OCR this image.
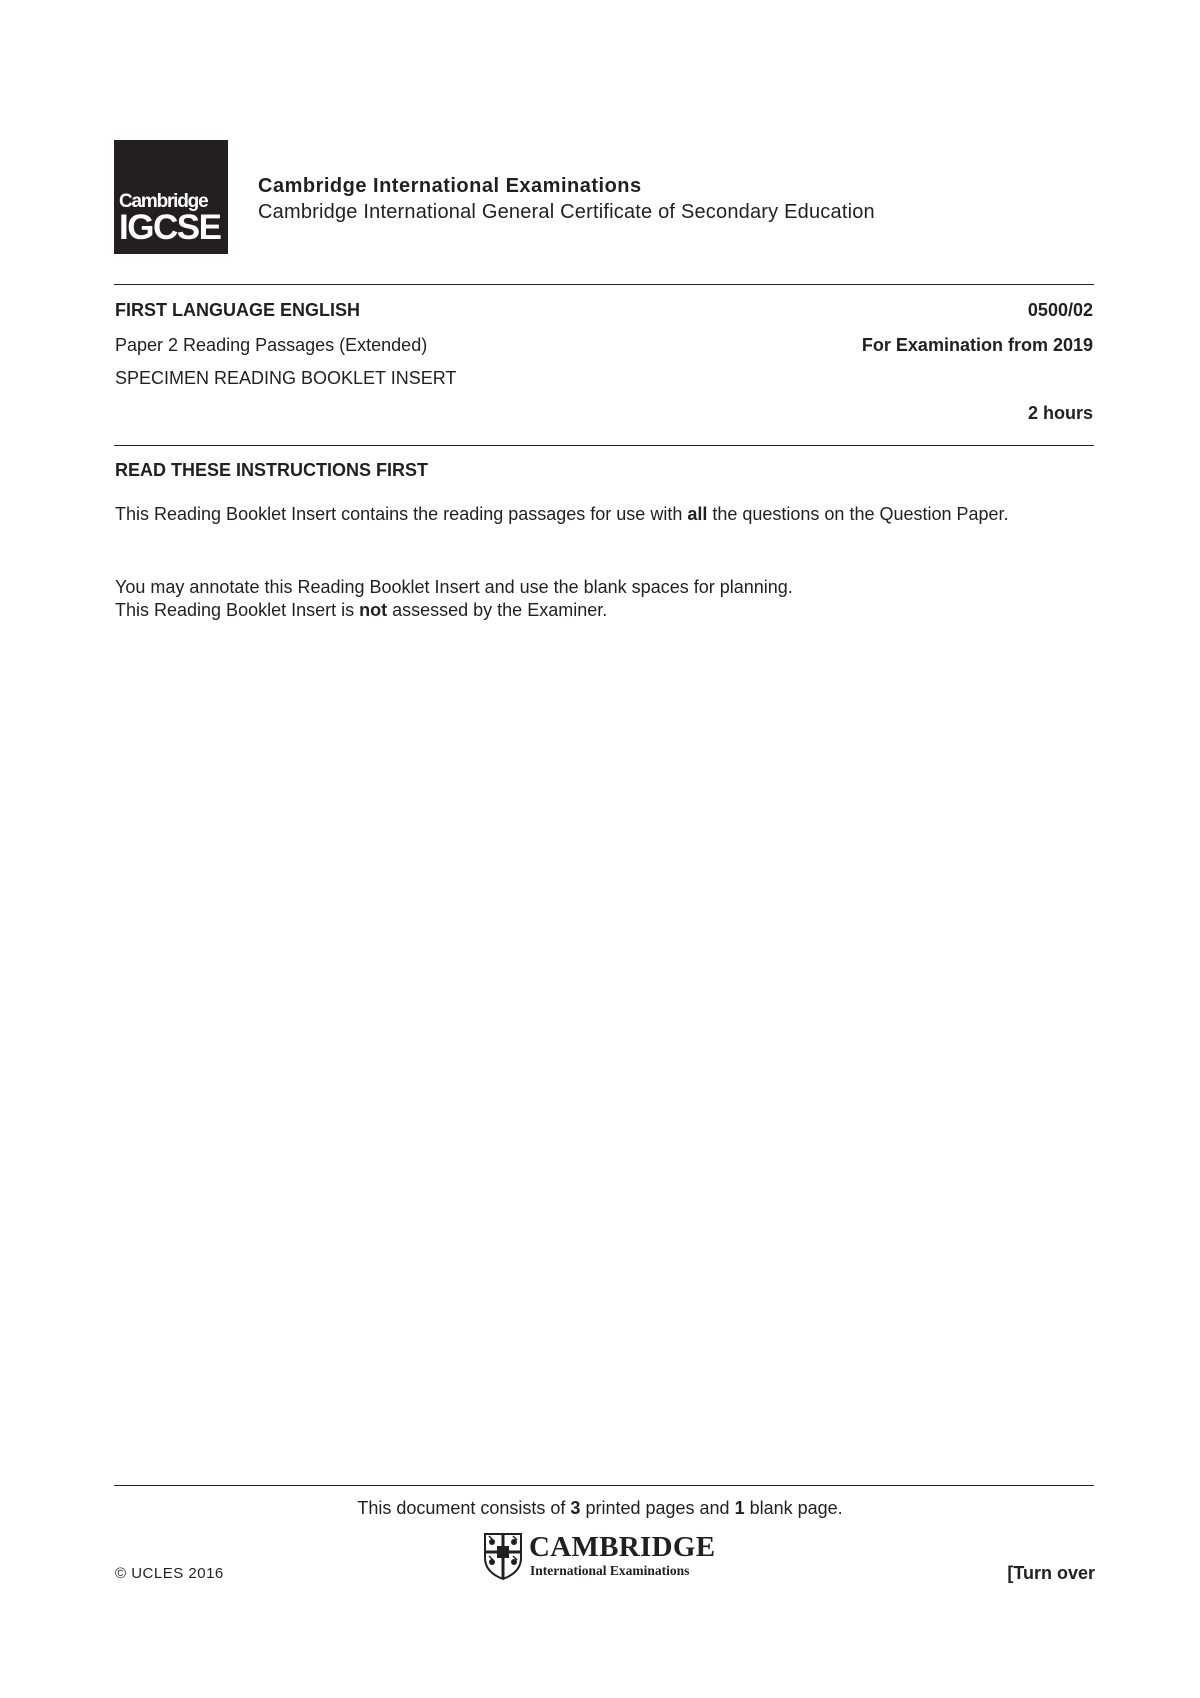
Cambridge
IGCSE
Cambridge International Examinations
Cambridge International General Certificate of Secondary Education
FIRST LANGUAGE ENGLISH	0500/02
Paper 2 Reading Passages (Extended)	For Examination from 2019
SPECIMEN READING BOOKLET INSERT
2 hours
READ THESE INSTRUCTIONS FIRST
This Reading Booklet Insert contains the reading passages for use with all the questions on the Question Paper.
You may annotate this Reading Booklet Insert and use the blank spaces for planning.
This Reading Booklet Insert is not assessed by the Examiner.
This document consists of 3 printed pages and 1 blank page.
© UCLES 2016
CAMBRIDGE
International Examinations	[Turn over
